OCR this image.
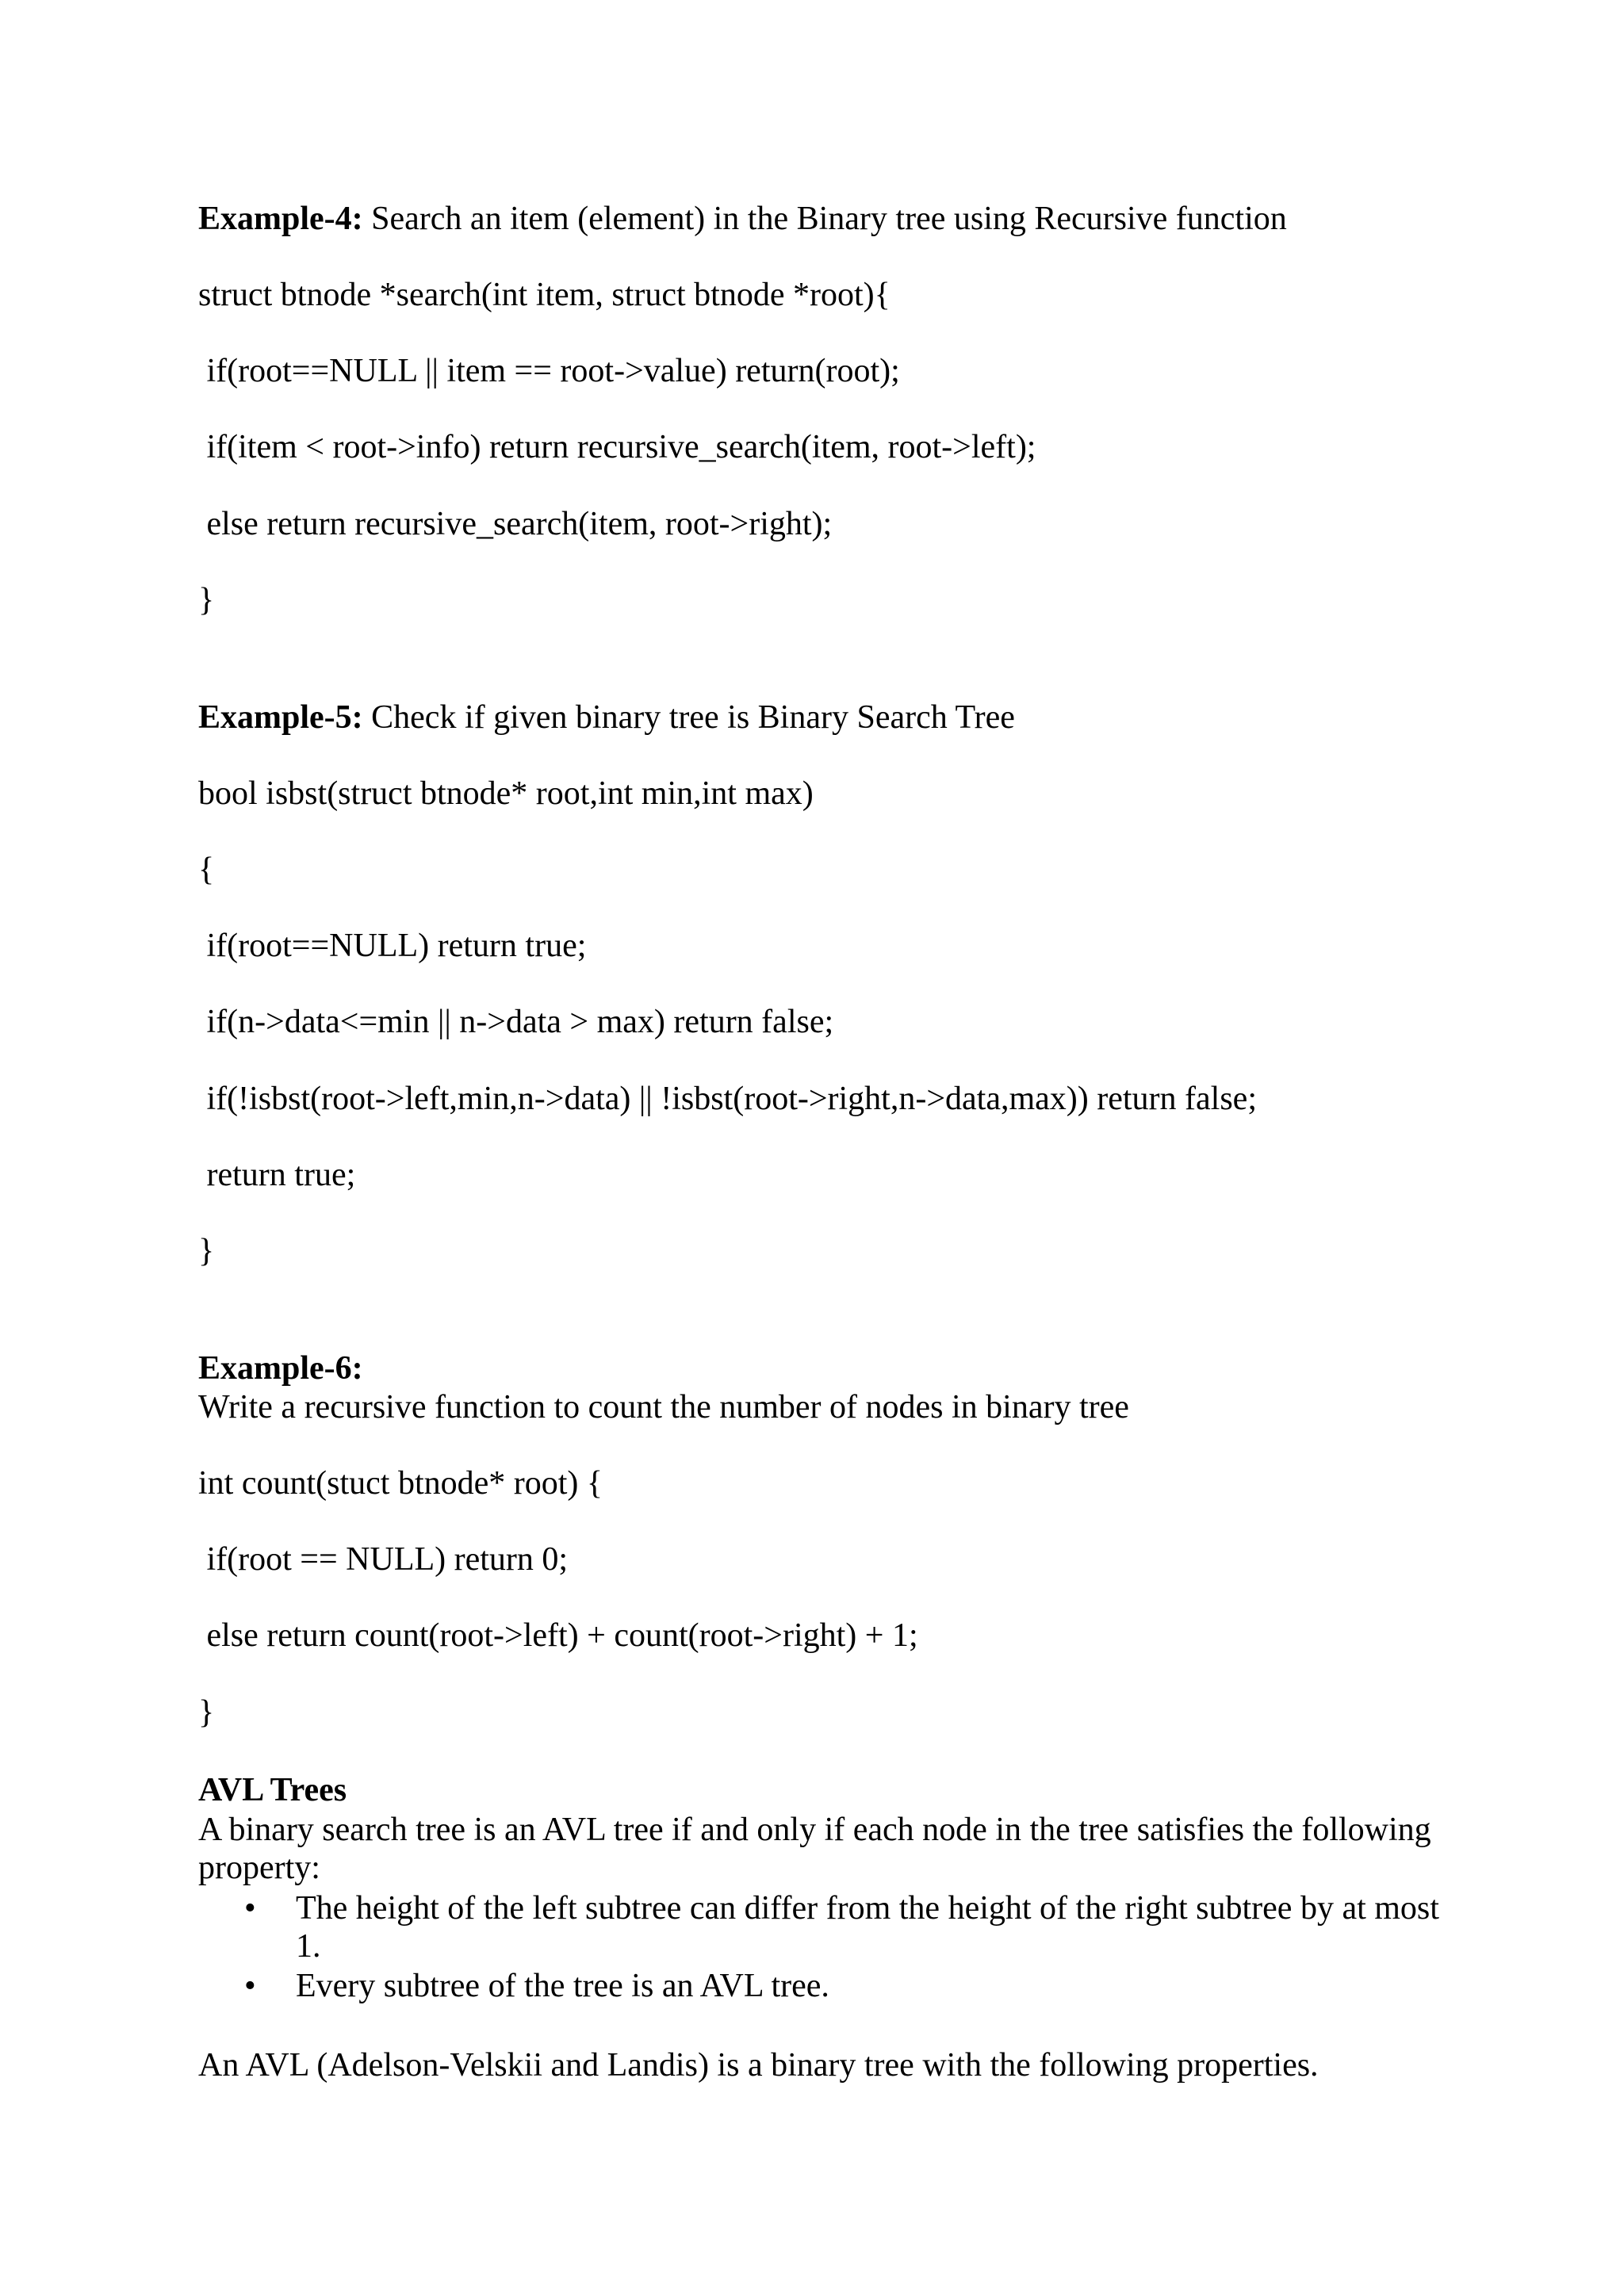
Example-4: Search an item (element) in the Binary tree using Recursive function

struct btnode *search(int item, struct btnode *root){

if(root==NULL || item == root->value) return(root);

if(item < root->info) return recursive_search(item, root->left);

else return recursive_search(item, root->right);

}

Example-5: Check if given binary tree is Binary Search Tree

bool isbst(struct btnode* root,int min,int max)

{

if(root==NULL) return true;

if(n->data<=min || n->data > max) return false;

if(!isbst(root->left,min,n->data) || !isbst(root->right,n->data,max)) return false;

return true;

}

Example-6:

Write a recursive function to count the number of nodes in binary tree

int count(stuct btnode* root) {

if(root == NULL) return 0;

else return count(root->left) + count(root->right) + 1;

}

AVL Trees

A binary search tree is an AVL tree if and only if each node in the tree satisfies the following

property:

• The height of the left subtree can differ from the height of the right subtree by at most
1.
• Every subtree of the tree is an AVL tree.

An AVL (Adelson-Velskii and Landis) is a binary tree with the following properties.
